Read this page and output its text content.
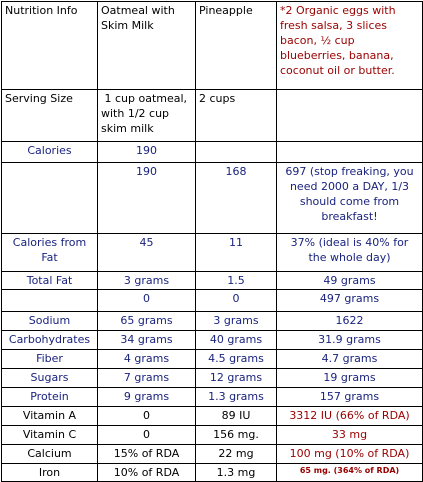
Nutrition Info	Oatmeal with Skim Milk	Pineapple	*2 Organic eggs with fresh salsa, 3 slices bacon, ½ cup blueberries, banana, coconut oil or butter.
Serving Size	1 cup oatmeal, with 1/2 cup skim milk	2 cups	
Calories	190		
	190	168	697 (stop freaking, you need 2000 a DAY, 1/3 should come from breakfast!
Calories from Fat	45	11	37% (ideal is 40% for the whole day)
Total Fat	3 grams	1.5	49 grams
	0	0	497 grams
Sodium	65 grams	3 grams	1622
Carbohydrates	34 grams	40 grams	31.9 grams
Fiber	4 grams	4.5 grams	4.7 grams
Sugars	7 grams	12 grams	19 grams
Protein	9 grams	1.3 grams	157 grams
Vitamin A	0	89 IU	3312 IU (66% of RDA)
Vitamin C	0	156 mg.	33 mg
Calcium	15% of RDA	22 mg	100 mg (10% of RDA)
Iron	10% of RDA	1.3 mg	65 mg. (364% of RDA)
